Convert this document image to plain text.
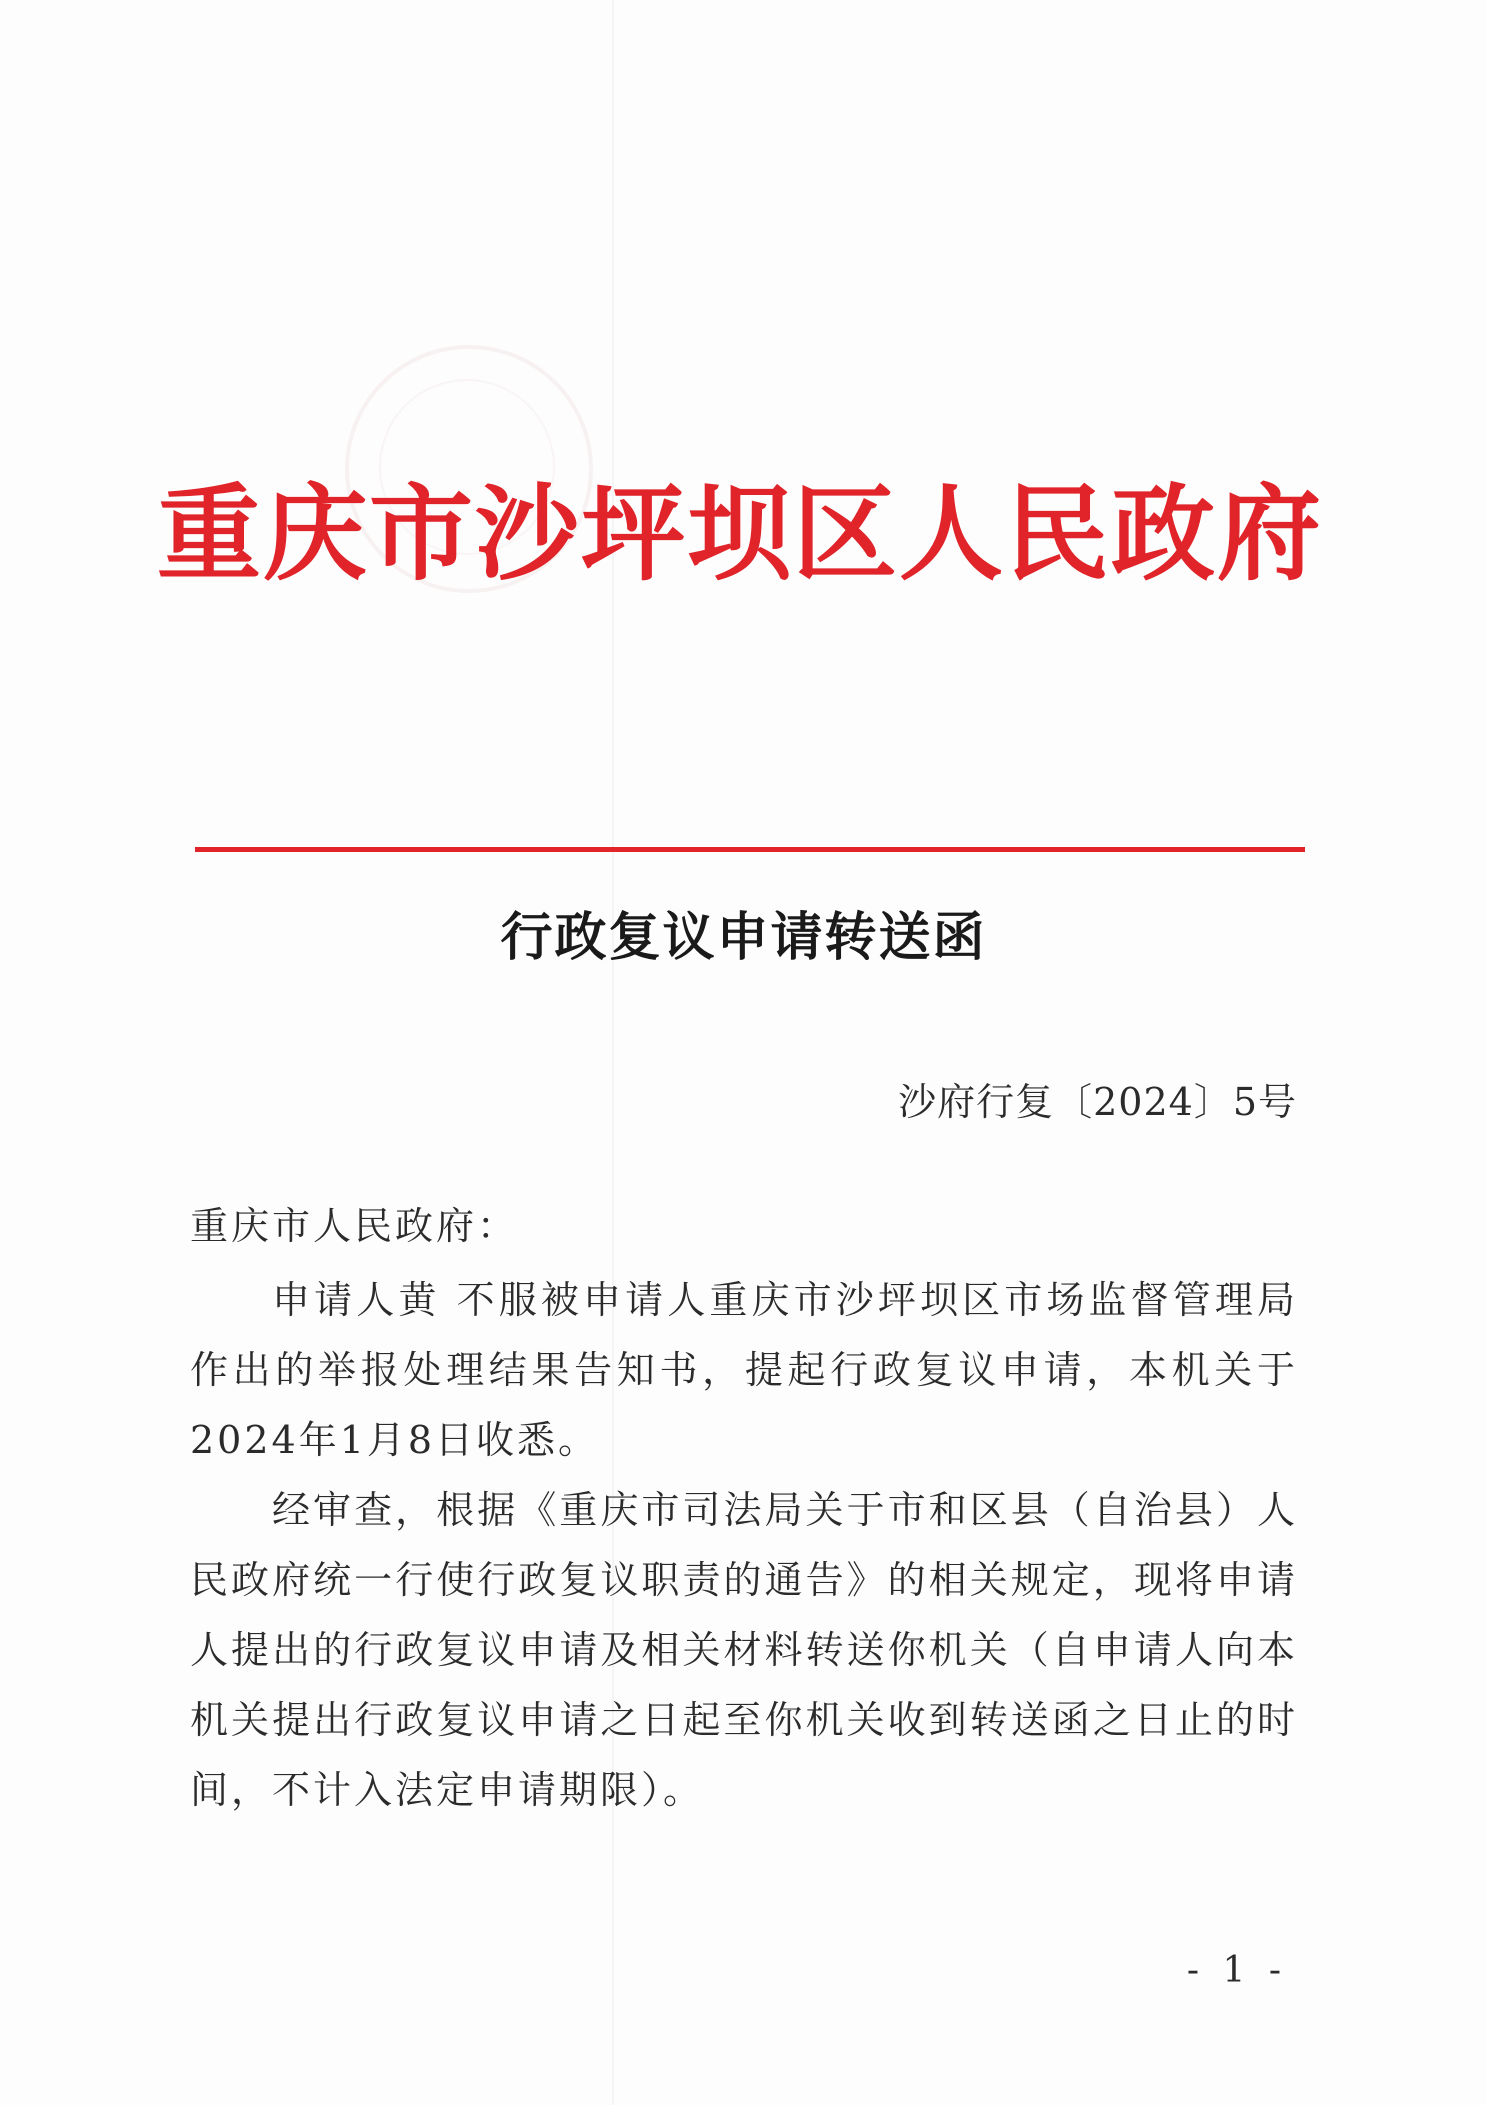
重庆市沙坪坝区人民政府
行政复议申请转送函
沙府行复〔2024〕5号
重庆市人民政府：
申请人黄 不服被申请人重庆市沙坪坝区市场监督管理局作出的举报处理结果告知书，提起行政复议申请，本机关于2024年1月8日收悉。
经审查，根据《重庆市司法局关于市和区县（自治县）人民政府统一行使行政复议职责的通告》的相关规定，现将申请人提出的行政复议申请及相关材料转送你机关（自申请人向本机关提出行政复议申请之日起至你机关收到转送函之日止的时间，不计入法定申请期限）。
- 1 -
